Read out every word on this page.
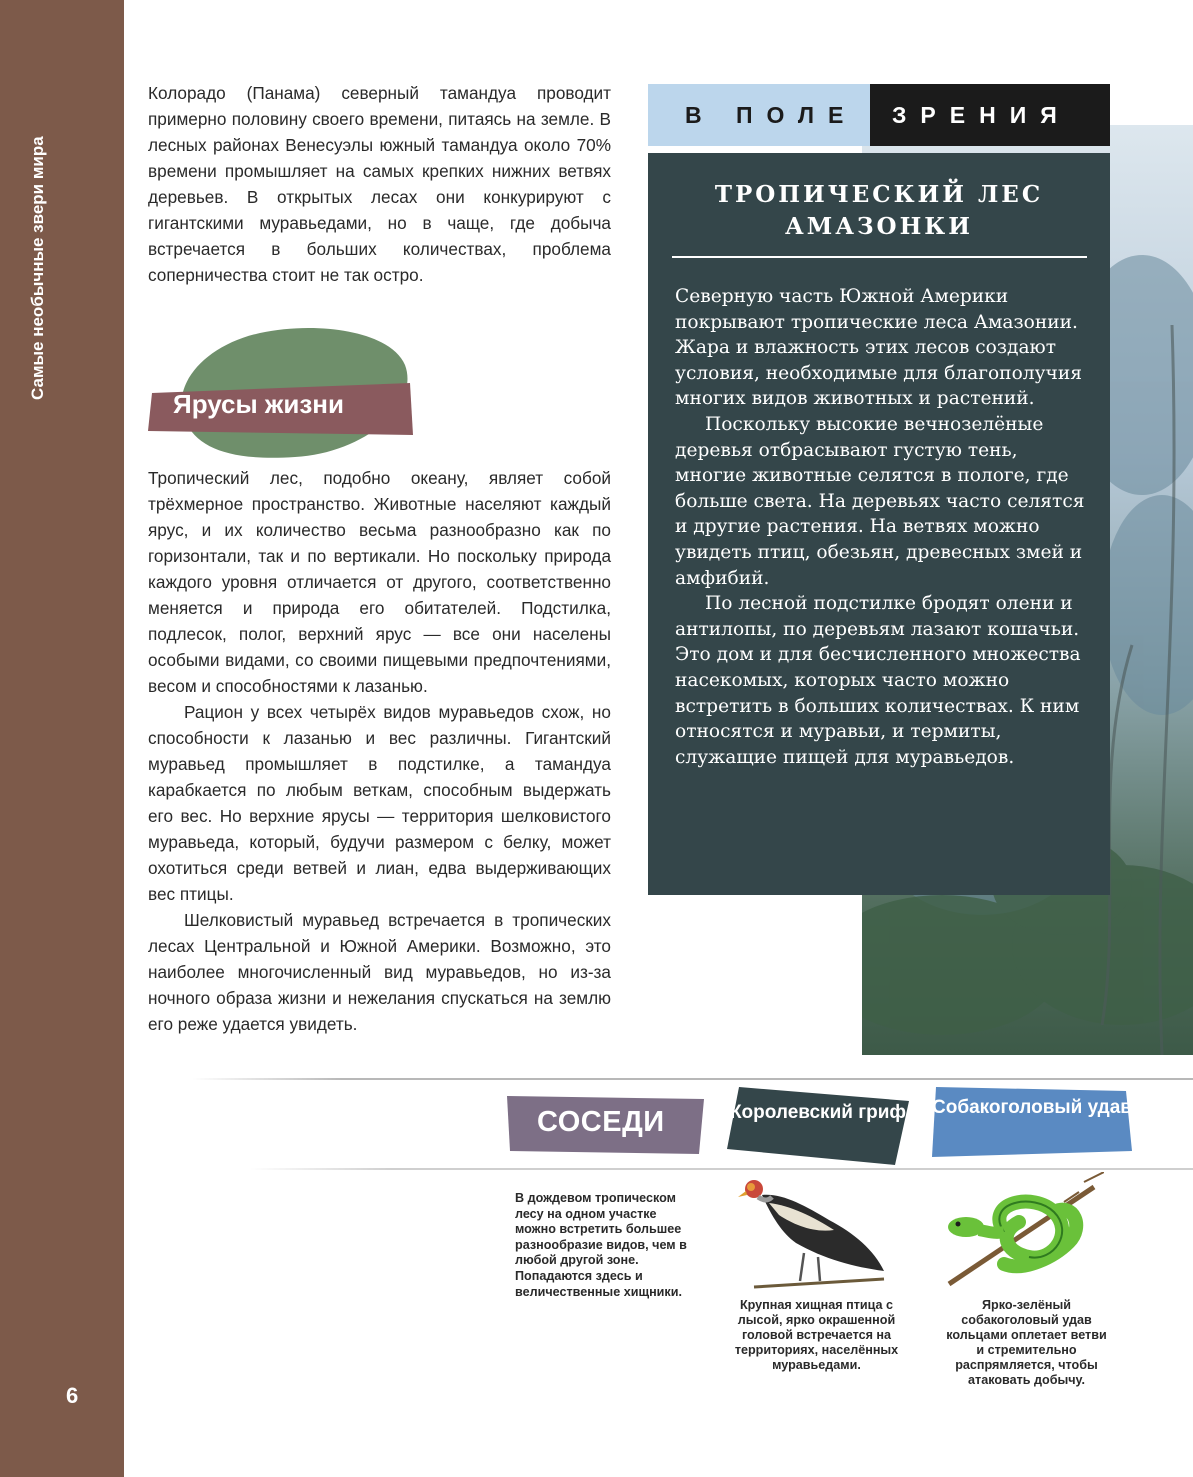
Самые необычные звери мира
6

Колорадо (Панама) северный тамандуа проводит примерно половину своего времени, питаясь на земле. В лесных районах Венесуэлы южный тамандуа около 70% времени промышляет на самых крепких нижних ветвях деревьев. В открытых лесах они конкурируют с гигантскими муравьедами, но в чаще, где добыча встречается в больших количествах, проблема соперничества стоит не так остро.

Ярусы жизни

Тропический лес, подобно океану, являет собой трёхмерное пространство. Животные населяют каждый ярус, и их количество весьма разнообразно как по горизонтали, так и по вертикали. Но поскольку природа каждого уровня отличается от другого, соответственно меняется и природа его обитателей. Подстилка, подлесок, полог, верхний ярус — все они населены особыми видами, со своими пищевыми предпочтениями, весом и способностями к лазанью.

Рацион у всех четырёх видов муравьедов схож, но способности к лазанью и вес различны. Гигантский муравьед промышляет в подстилке, а тамандуа карабкается по любым веткам, способным выдержать его вес. Но верхние ярусы — территория шелковистого муравьеда, который, будучи размером с белку, может охотиться среди ветвей и лиан, едва выдерживающих вес птицы.

Шелковистый муравьед встречается в тропических лесах Центральной и Южной Америки. Возможно, это наиболее многочисленный вид муравьедов, но из-за ночного образа жизни и нежелания спускаться на землю его реже удается увидеть.

В ПОЛЕ	ЗРЕНИЯ
ТРОПИЧЕСКИЙ ЛЕС
АМАЗОНКИ

Северную часть Южной Америки покрывают тропические леса Амазонии. Жара и влажность этих лесов создают условия, необходимые для благополучия многих видов животных и растений.

Поскольку высокие вечнозелёные деревья отбрасывают густую тень, многие животные селятся в пологе, где больше света. На деревьях часто селятся и другие растения. На ветвях можно увидеть птиц, обезьян, древесных змей и амфибий.

По лесной подстилке бродят олени и антилопы, по деревьям лазают кошачьи. Это дом и для бесчисленного множества насекомых, которых часто можно встретить в больших количествах. К ним относятся и муравьи, и термиты, служащие пищей для муравьедов.

СОСЕДИ	Королевский гриф Собакоголовый удав
В дождевом тропическом лесу на одном участке можно встретить большее разнообразие видов, чем в любой другой зоне. Попадаются здесь и величественные хищники.
Крупная хищная птица с лысой, ярко окрашенной головой встречается на территориях, населённых муравьедами.
Ярко-зелёный собакоголовый удав кольцами оплетает ветви и стремительно распрямляется, чтобы атаковать добычу.
